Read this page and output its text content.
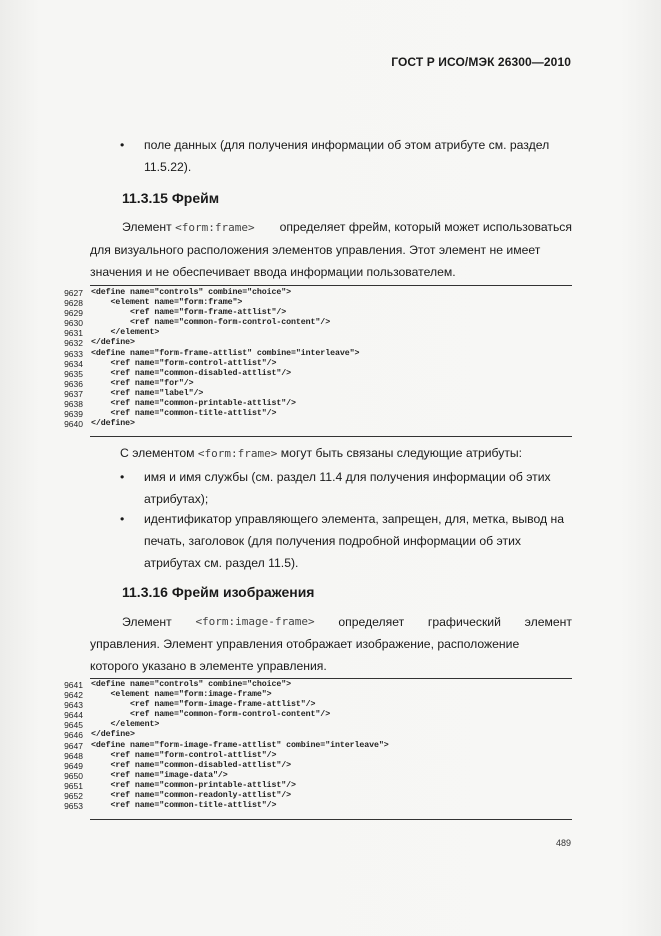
ГОСТ Р ИСО/МЭК 26300—2010
• поле данных (для получения информации об этом атрибуте см. раздел
11.5.22).
11.3.15 Фрейм
Элемент <form:frame> определяет фрейм, который может использоваться
для визуального расположения элементов управления. Этот элемент не имеет
значения и не обеспечивает ввода информации пользователем.
9627 <define name="controls" combine="choice">
9628 <element name="form:frame">
9629 <ref name="form-frame-attlist"/>
9630 <ref name="common-form-control-content"/>
9631 </element>
9632 </define>
9633 <define name="form-frame-attlist" combine="interleave">
9634 <ref name="form-control-attlist"/>
9635 <ref name="common-disabled-attlist"/>
9636 <ref name="for"/>
9637 <ref name="label"/>
9638 <ref name="common-printable-attlist"/>
9639 <ref name="common-title-attlist"/>
9640 </define>
С элементом <form:frame> могут быть связаны следующие атрибуты:
• имя и имя службы (см. раздел 11.4 для получения информации об этих
атрибутах);
• идентификатор управляющего элемента, запрещен, для, метка, вывод на
печать, заголовок (для получения подробной информации об этих
атрибутах см. раздел 11.5).
11.3.16 Фрейм изображения
Элемент <form:image-frame> определяет графический элемент
управления. Элемент управления отображает изображение, расположение
которого указано в элементе управления.
9641 <define name="controls" combine="choice">
9642 <element name="form:image-frame">
9643 <ref name="form-image-frame-attlist"/>
9644 <ref name="common-form-control-content"/>
9645 </element>
9646 </define>
9647 <define name="form-image-frame-attlist" combine="interleave">
9648 <ref name="form-control-attlist"/>
9649 <ref name="common-disabled-attlist"/>
9650 <ref name="image-data"/>
9651 <ref name="common-printable-attlist"/>
9652 <ref name="common-readonly-attlist"/>
9653 <ref name="common-title-attlist"/>
489
